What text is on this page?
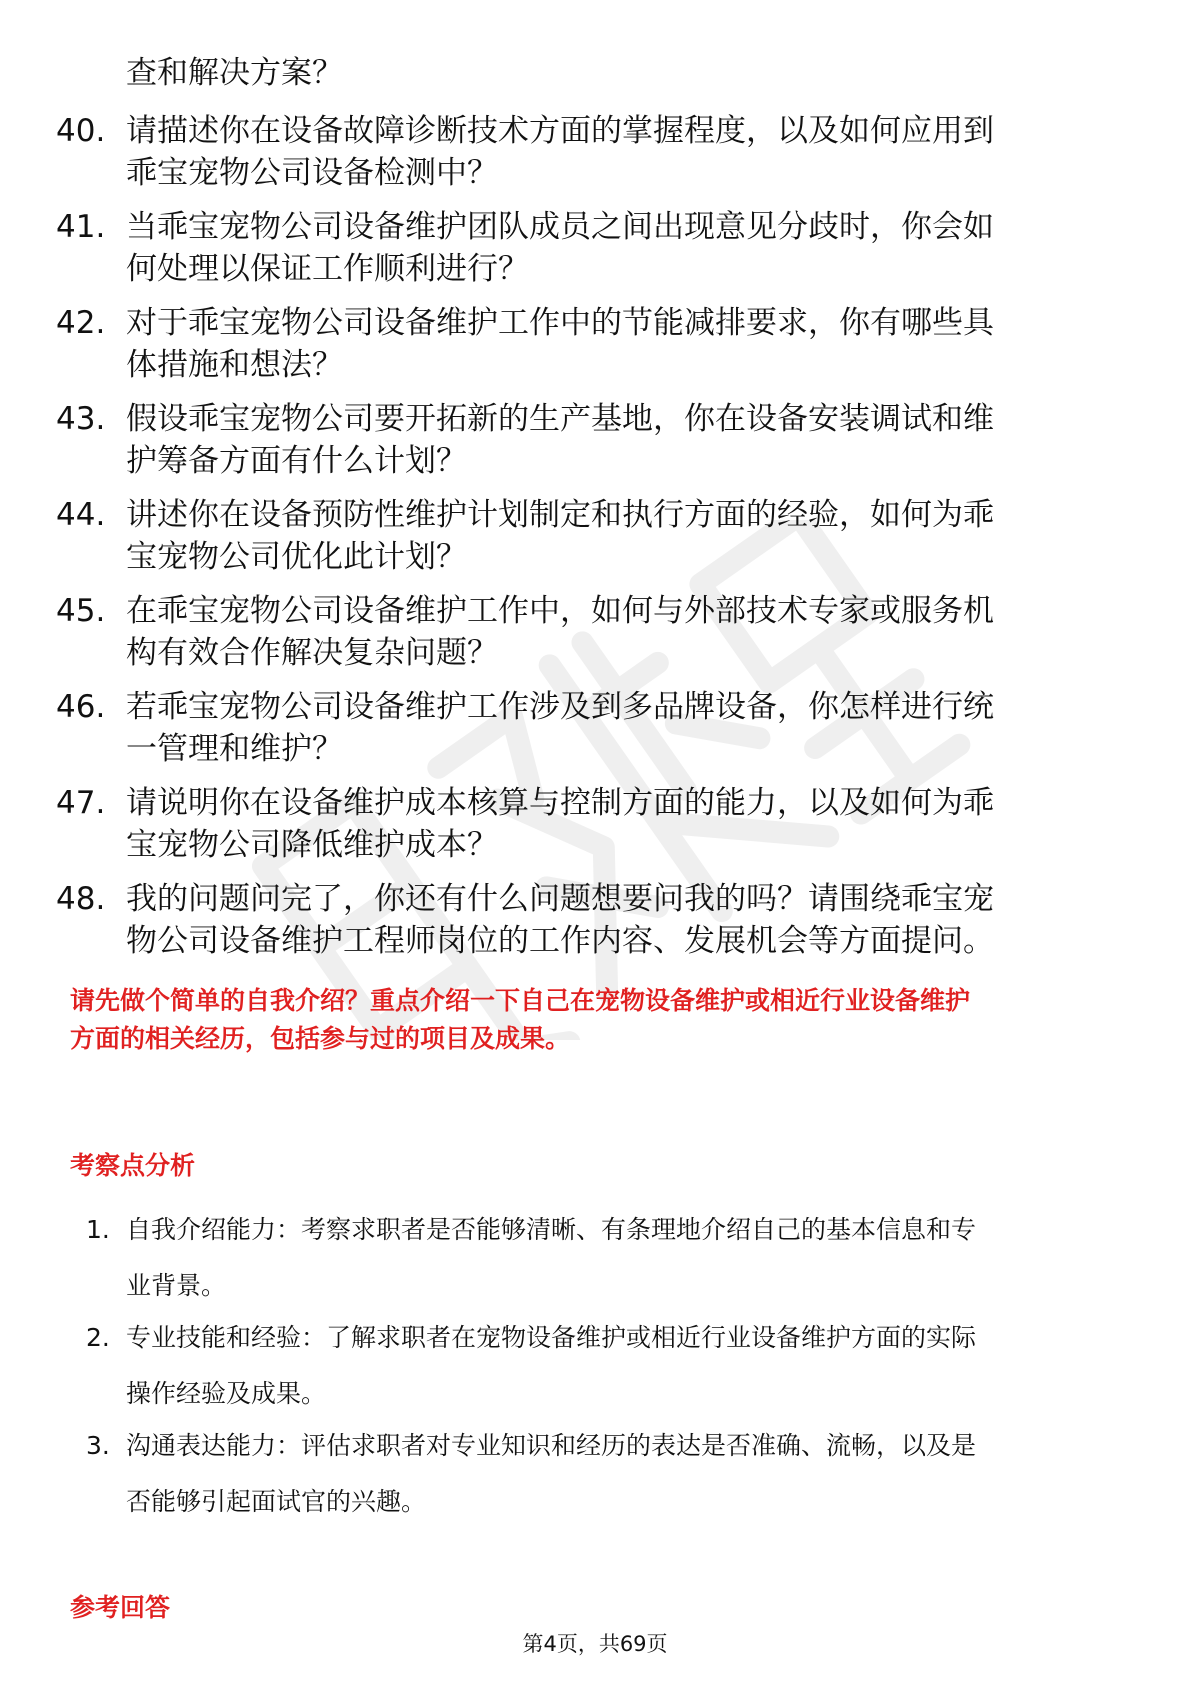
查和解决方案？
40. 请描述你在设备故障诊断技术方面的掌握程度，以及如何应用到
乖宝宠物公司设备检测中？
41. 当乖宝宠物公司设备维护团队成员之间出现意见分歧时，你会如
何处理以保证工作顺利进行？
42. 对于乖宝宠物公司设备维护工作中的节能减排要求，你有哪些具
体措施和想法？
43. 假设乖宝宠物公司要开拓新的生产基地，你在设备安装调试和维
护筹备方面有什么计划？
44. 讲述你在设备预防性维护计划制定和执行方面的经验，如何为乖
宝宠物公司优化此计划？
45. 在乖宝宠物公司设备维护工作中，如何与外部技术专家或服务机
构有效合作解决复杂问题？
46. 若乖宝宠物公司设备维护工作涉及到多品牌设备，你怎样进行统
一管理和维护？
47. 请说明你在设备维护成本核算与控制方面的能力，以及如何为乖
宝宠物公司降低维护成本？
48. 我的问题问完了，你还有什么问题想要问我的吗？请围绕乖宝宠
物公司设备维护工程师岗位的工作内容、发展机会等方面提问。
请先做个简单的自我介绍？重点介绍一下自己在宠物设备维护或相近行业设备维护
方面的相关经历，包括参与过的项目及成果。
考察点分析
1. 自我介绍能力：考察求职者是否能够清晰、有条理地介绍自己的基本信息和专
业背景。
2. 专业技能和经验：了解求职者在宠物设备维护或相近行业设备维护方面的实际
操作经验及成果。
3. 沟通表达能力：评估求职者对专业知识和经历的表达是否准确、流畅，以及是
否能够引起面试官的兴趣。
参考回答
第4页，共69页
